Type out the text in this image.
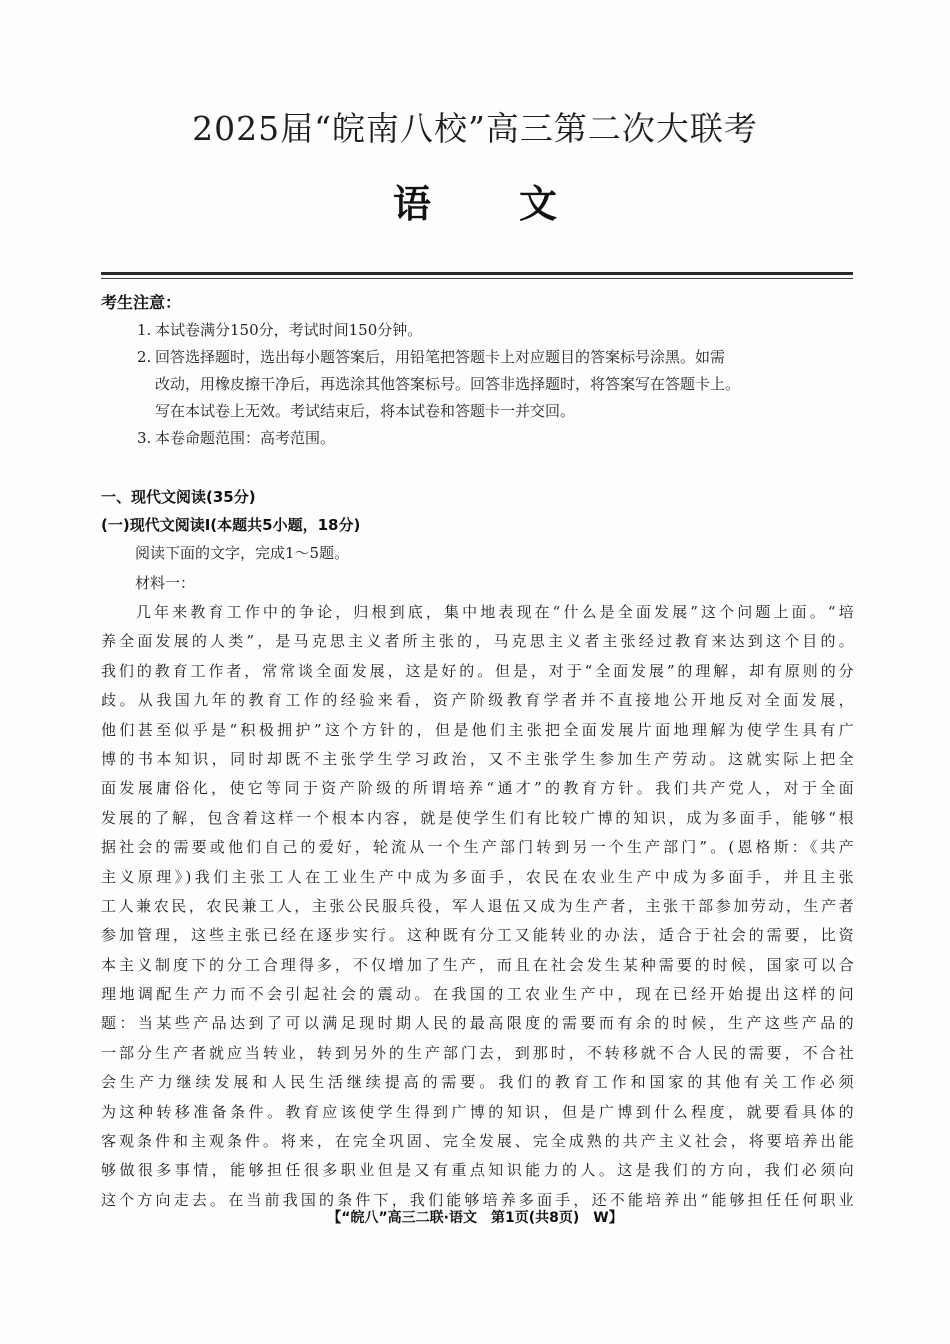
2025届“皖南八校”高三第二次大联考
语文
考生注意：
1. 本试卷满分150分，考试时间150分钟。
2. 回答选择题时，选出每小题答案后，用铅笔把答题卡上对应题目的答案标号涂黑。如需
改动，用橡皮擦干净后，再选涂其他答案标号。回答非选择题时，将答案写在答题卡上。
写在本试卷上无效。考试结束后，将本试卷和答题卡一并交回。
3. 本卷命题范围：高考范围。
一、现代文阅读(35分)
(一)现代文阅读Ⅰ(本题共5小题，18分)
阅读下面的文字，完成1～5题。
材料一：
几年来教育工作中的争论，归根到底，集中地表现在“什么是全面发展”这个问题上面。“培
养全面发展的人类”，是马克思主义者所主张的，马克思主义者主张经过教育来达到这个目的。
我们的教育工作者，常常谈全面发展，这是好的。但是，对于“全面发展”的理解，却有原则的分
歧。从我国九年的教育工作的经验来看，资产阶级教育学者并不直接地公开地反对全面发展，
他们甚至似乎是“积极拥护”这个方针的，但是他们主张把全面发展片面地理解为使学生具有广
博的书本知识，同时却既不主张学生学习政治，又不主张学生参加生产劳动。这就实际上把全
面发展庸俗化，使它等同于资产阶级的所谓培养“通才”的教育方针。我们共产党人，对于全面
发展的了解，包含着这样一个根本内容，就是使学生们有比较广博的知识，成为多面手，能够“根
据社会的需要或他们自己的爱好，轮流从一个生产部门转到另一个生产部门”。(恩格斯：《共产
主义原理》)我们主张工人在工业生产中成为多面手，农民在农业生产中成为多面手，并且主张
工人兼农民，农民兼工人，主张公民服兵役，军人退伍又成为生产者，主张干部参加劳动，生产者
参加管理，这些主张已经在逐步实行。这种既有分工又能转业的办法，适合于社会的需要，比资
本主义制度下的分工合理得多，不仅增加了生产，而且在社会发生某种需要的时候，国家可以合
理地调配生产力而不会引起社会的震动。在我国的工农业生产中，现在已经开始提出这样的问
题：当某些产品达到了可以满足现时期人民的最高限度的需要而有余的时候，生产这些产品的
一部分生产者就应当转业，转到另外的生产部门去，到那时，不转移就不合人民的需要，不合社
会生产力继续发展和人民生活继续提高的需要。我们的教育工作和国家的其他有关工作必须
为这种转移准备条件。教育应该使学生得到广博的知识，但是广博到什么程度，就要看具体的
客观条件和主观条件。将来，在完全巩固、完全发展、完全成熟的共产主义社会，将要培养出能
够做很多事情，能够担任很多职业但是又有重点知识能力的人。这是我们的方向，我们必须向
这个方向走去。在当前我国的条件下，我们能够培养多面手，还不能培养出“能够担任任何职业
【“皖八”高三二联·语文　第1页(共8页)　W】
